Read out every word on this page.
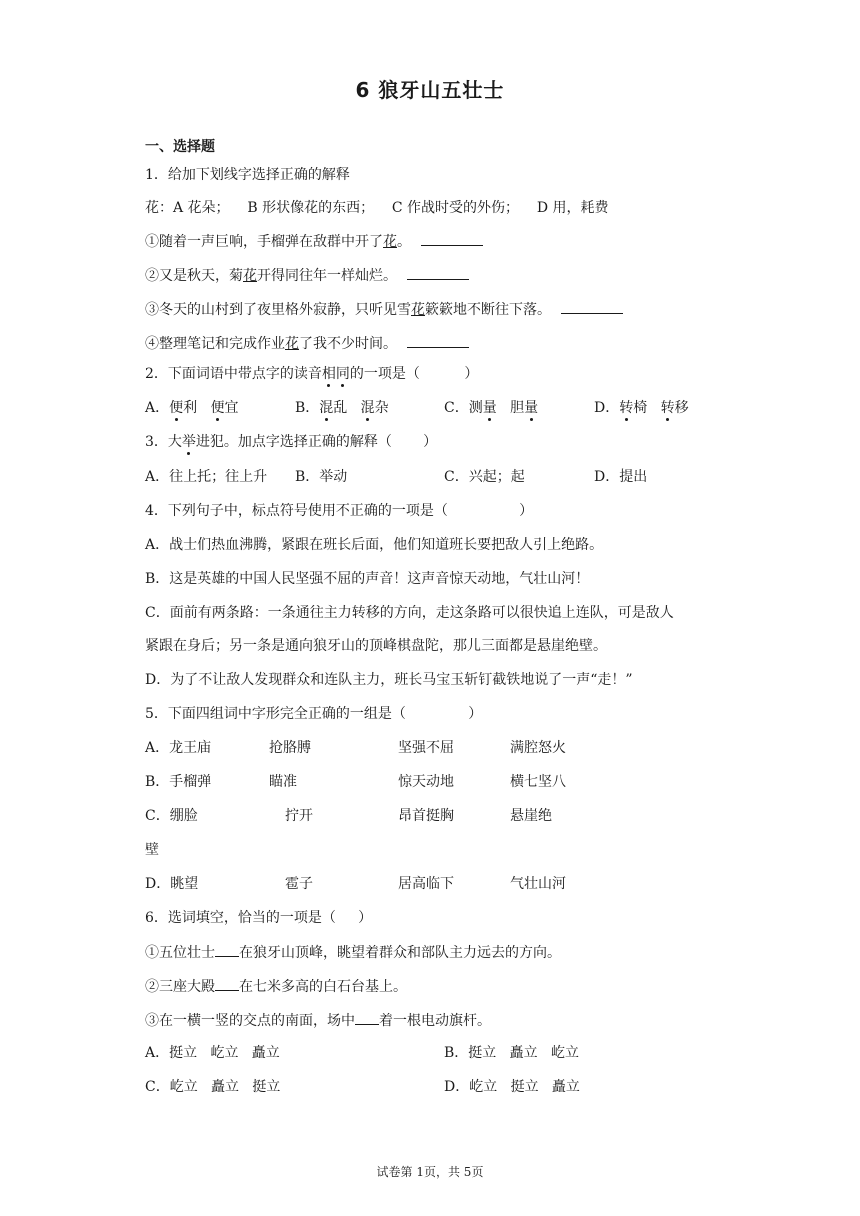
6 狼牙山五壮士
一、选择题
1．给加下划线字选择正确的解释
花：A 花朵；    B 形状像花的东西；    C 作战时受的外伤；    D 用，耗费
①随着一声巨响，手榴弹在敌群中开了花。
②又是秋天，菊花开得同往年一样灿烂。
③冬天的山村到了夜里格外寂静，只听见雪花簌簌地不断往下落。
④整理笔记和完成作业花了我不少时间。
2．下面词语中带点字的读音相同的一项是（          ）

A．便利 便宜

	B．混乱 混杂

	C．测量 胆量

	D．转椅 转移

3．大举进犯。加点字选择正确的解释（       ）

A．往上托；往上升

B．举动

	C．兴起；起

	D．提出

4．下列句子中，标点符号使用不正确的一项是（                ）
A．战士们热血沸腾，紧跟在班长后面，他们知道班长要把敌人引上绝路。
B．这是英雄的中国人民坚强不屈的声音！这声音惊天动地，气壮山河！
C．面前有两条路：一条通往主力转移的方向，走这条路可以很快追上连队，可是敌人
紧跟在身后；另一条是通向狼牙山的顶峰棋盘陀，那儿三面都是悬崖绝壁。
D．为了不让敌人发现群众和连队主力，班长马宝玉斩钉截铁地说了一声“走！”
5．下面四组词中字形完全正确的一组是（              ）

A．龙王庙	抢胳膊	坚强不屈	满腔怒火

B．手榴弹	瞄准	惊天动地	横七坚八

C．绷脸	拧开	昂首挺胸	悬崖绝

壁

D．眺望	雹子	居高临下	气壮山河

6．选词填空，恰当的一项是（     ）
①五位壮士 在狼牙山顶峰，眺望着群众和部队主力远去的方向。
②三座大殿 在七米多高的白石台基上。
③在一横一竖的交点的南面，场中 着一根电动旗杆。

A．挺立   屹立   矗立

	B．挺立   矗立   屹立

C．屹立   矗立   挺立

	D．屹立   挺立   矗立

试卷第 1页，共 5页
